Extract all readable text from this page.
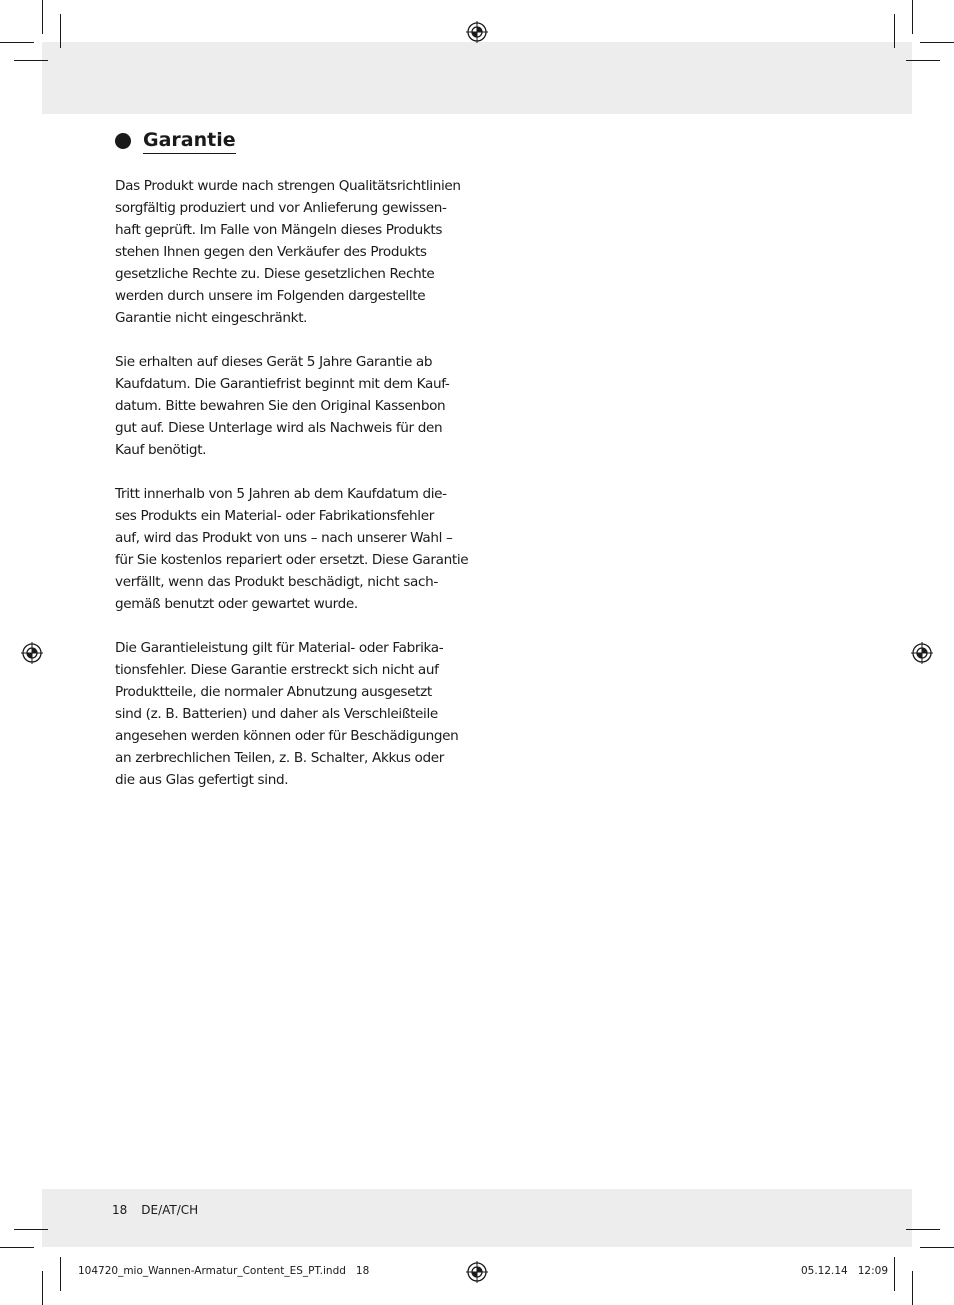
Garantie

Das Produkt wurde nach strengen Qualitätsrichtlinien
sorgfältig produziert und vor Anlieferung gewissen-
haft geprüft. Im Falle von Mängeln dieses Produkts
stehen Ihnen gegen den Verkäufer des Produkts
gesetzliche Rechte zu. Diese gesetzlichen Rechte
werden durch unsere im Folgenden dargestellte
Garantie nicht eingeschränkt.

Sie erhalten auf dieses Gerät 5 Jahre Garantie ab
Kaufdatum. Die Garantiefrist beginnt mit dem Kauf-
datum. Bitte bewahren Sie den Original Kassenbon
gut auf. Diese Unterlage wird als Nachweis für den
Kauf benötigt.

Tritt innerhalb von 5 Jahren ab dem Kaufdatum die-
ses Produkts ein Material- oder Fabrikationsfehler
auf, wird das Produkt von uns – nach unserer Wahl –
für Sie kostenlos repariert oder ersetzt. Diese Garantie
verfällt, wenn das Produkt beschädigt, nicht sach-
gemäß benutzt oder gewartet wurde.

Die Garantieleistung gilt für Material- oder Fabrika-
tionsfehler. Diese Garantie erstreckt sich nicht auf
Produktteile, die normaler Abnutzung ausgesetzt
sind (z. B. Batterien) und daher als Verschleißteile
angesehen werden können oder für Beschädigungen
an zerbrechlichen Teilen, z. B. Schalter, Akkus oder
die aus Glas gefertigt sind.

18 DE/AT/CH
104720_mio_Wannen-Armatur_Content_ES_PT.indd   18	05.12.14 12:09
